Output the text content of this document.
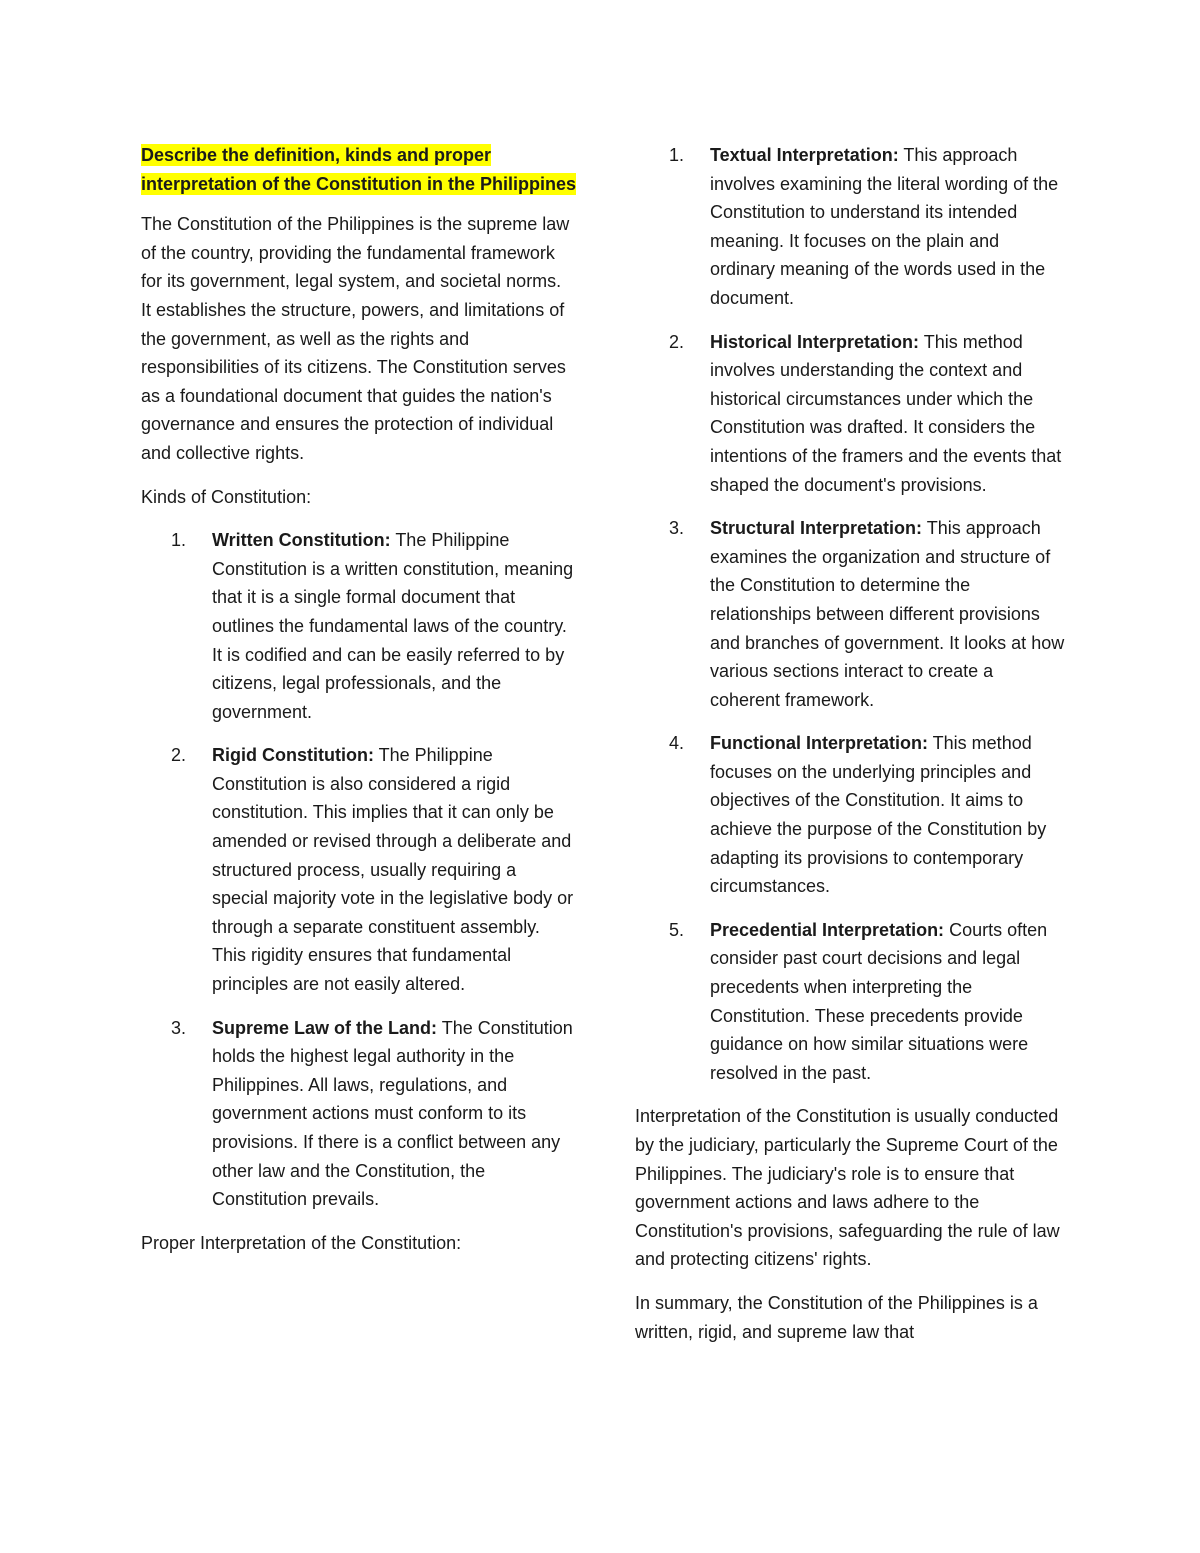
Describe the definition, kinds and proper interpretation of the Constitution in the Philippines

The Constitution of the Philippines is the supreme law of the country, providing the fundamental framework for its government, legal system, and societal norms. It establishes the structure, powers, and limitations of the government, as well as the rights and responsibilities of its citizens. The Constitution serves as a foundational document that guides the nation's governance and ensures the protection of individual and collective rights.

Kinds of Constitution:

1. Written Constitution: The Philippine Constitution is a written constitution, meaning that it is a single formal document that outlines the fundamental laws of the country. It is codified and can be easily referred to by citizens, legal professionals, and the government.
2. Rigid Constitution: The Philippine Constitution is also considered a rigid constitution. This implies that it can only be amended or revised through a deliberate and structured process, usually requiring a special majority vote in the legislative body or through a separate constituent assembly. This rigidity ensures that fundamental principles are not easily altered.
3. Supreme Law of the Land: The Constitution holds the highest legal authority in the Philippines. All laws, regulations, and government actions must conform to its provisions. If there is a conflict between any other law and the Constitution, the Constitution prevails.

Proper Interpretation of the Constitution:

1. Textual Interpretation: This approach involves examining the literal wording of the Constitution to understand its intended meaning. It focuses on the plain and ordinary meaning of the words used in the document.
2. Historical Interpretation: This method involves understanding the context and historical circumstances under which the Constitution was drafted. It considers the intentions of the framers and the events that shaped the document's provisions.
3. Structural Interpretation: This approach examines the organization and structure of the Constitution to determine the relationships between different provisions and branches of government. It looks at how various sections interact to create a coherent framework.
4. Functional Interpretation: This method focuses on the underlying principles and objectives of the Constitution. It aims to achieve the purpose of the Constitution by adapting its provisions to contemporary circumstances.
5. Precedential Interpretation: Courts often consider past court decisions and legal precedents when interpreting the Constitution. These precedents provide guidance on how similar situations were resolved in the past.

Interpretation of the Constitution is usually conducted by the judiciary, particularly the Supreme Court of the Philippines. The judiciary's role is to ensure that government actions and laws adhere to the Constitution's provisions, safeguarding the rule of law and protecting citizens' rights.

In summary, the Constitution of the Philippines is a written, rigid, and supreme law that
